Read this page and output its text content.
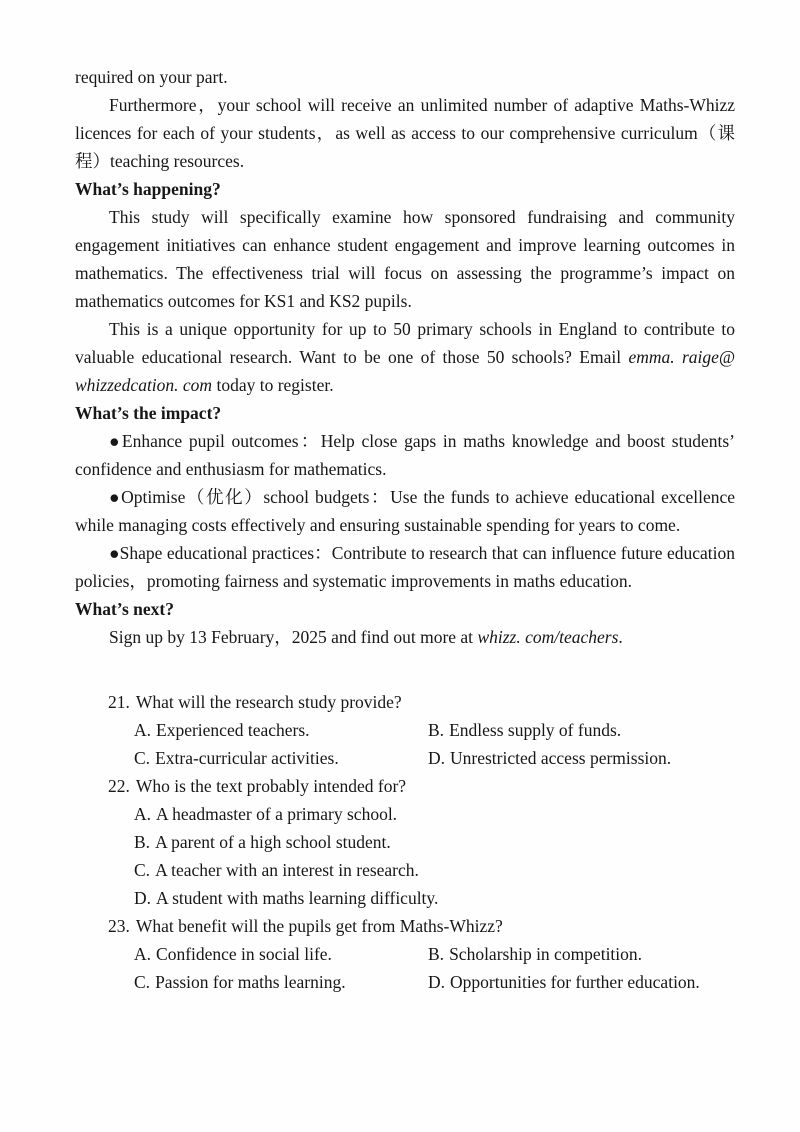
required on your part.

Furthermore，your school will receive an unlimited number of adaptive Maths-Whizz licences for each of your students，as well as access to our comprehensive curriculum（课程）teaching resources.

What’s happening?

This study will specifically examine how sponsored fundraising and community engagement initiatives can enhance student engagement and improve learning outcomes in mathematics. The effectiveness trial will focus on assessing the programme’s impact on mathematics outcomes for KS1 and KS2 pupils.

This is a unique opportunity for up to 50 primary schools in England to contribute to valuable educational research. Want to be one of those 50 schools? Email emma. raige@ whizzedcation. com today to register.

What’s the impact?

●Enhance pupil outcomes：Help close gaps in maths knowledge and boost students’ confidence and enthusiasm for mathematics.

●Optimise（优化）school budgets：Use the funds to achieve educational excellence while managing costs effectively and ensuring sustainable spending for years to come.

●Shape educational practices：Contribute to research that can influence future education policies，promoting fairness and systematic improvements in maths education.

What’s next?

Sign up by 13 February，2025 and find out more at whizz. com/teachers.

21. What will the research study provide?
A. Experienced teachers.	B. Endless supply of funds.
C. Extra-curricular activities.	D. Unrestricted access permission.
22. Who is the text probably intended for?
A. A headmaster of a primary school.
B. A parent of a high school student.
C. A teacher with an interest in research.
D. A student with maths learning difficulty.
23. What benefit will the pupils get from Maths-Whizz?
A. Confidence in social life.	B. Scholarship in competition.
C. Passion for maths learning.	D. Opportunities for further education.
